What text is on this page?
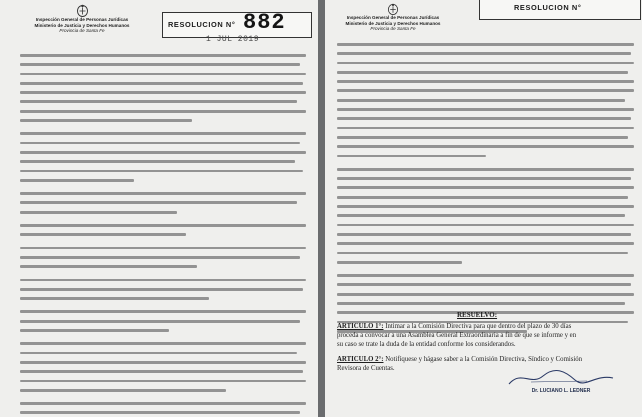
Inspección General de Personas Jurídicas
Ministerio de Justicia y Derechos Humanos
Provincia de Santa Fe
RESOLUCION N° 882
1 JUL 2019
Inspección General de Personas Jurídicas
Ministerio de Justicia y Derechos Humanos
Provincia de Santa Fe
RESOLUCION N°
RESUELVO:
ARTICULO 1°: Intimar a la Comisión Directiva para que dentro del plazo de 30 días
proceda a convocar a una Asamblea General Extraordinaria a fin de que se informe y en
su caso se trate la duda de la entidad conforme los considerandos.
ARTICULO 2°: Notifíquese y hágase saber a la Comisión Directiva, Síndico y Comisión
Revisora de Cuentas.
Dr. LUCIANO L. LEDNER
